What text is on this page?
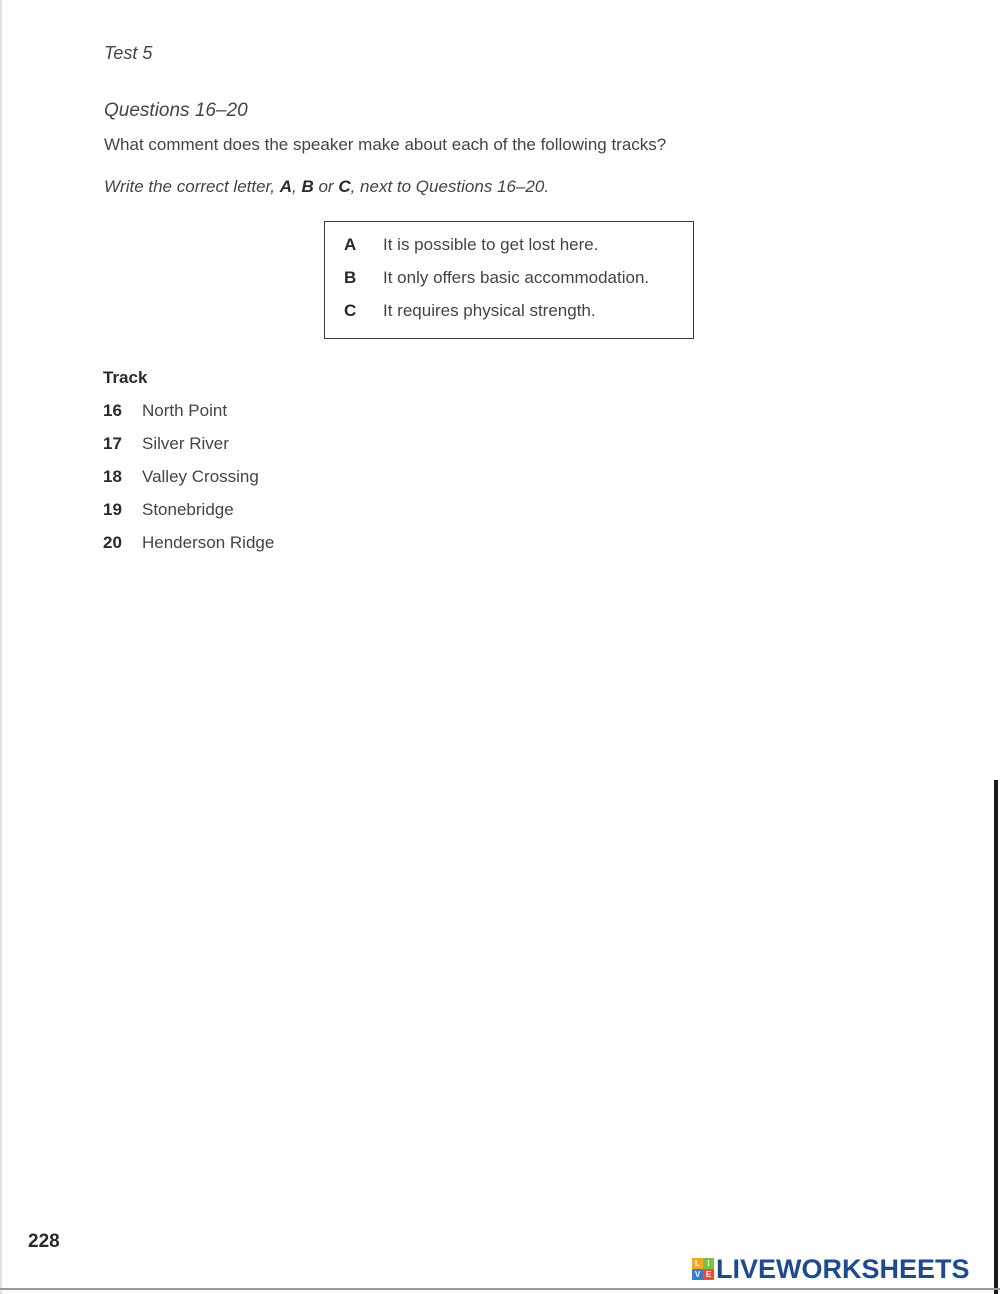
Test 5
Questions 16–20
What comment does the speaker make about each of the following tracks?
Write the correct letter, A, B or C, next to Questions 16–20.
A It is possible to get lost here.
B It only offers basic accommodation.
C It requires physical strength.
Track
16 North Point
17 Silver River
18 Valley Crossing
19 Stonebridge
20 Henderson Ridge
228
L I
V E LIVEWORKSHEETS
